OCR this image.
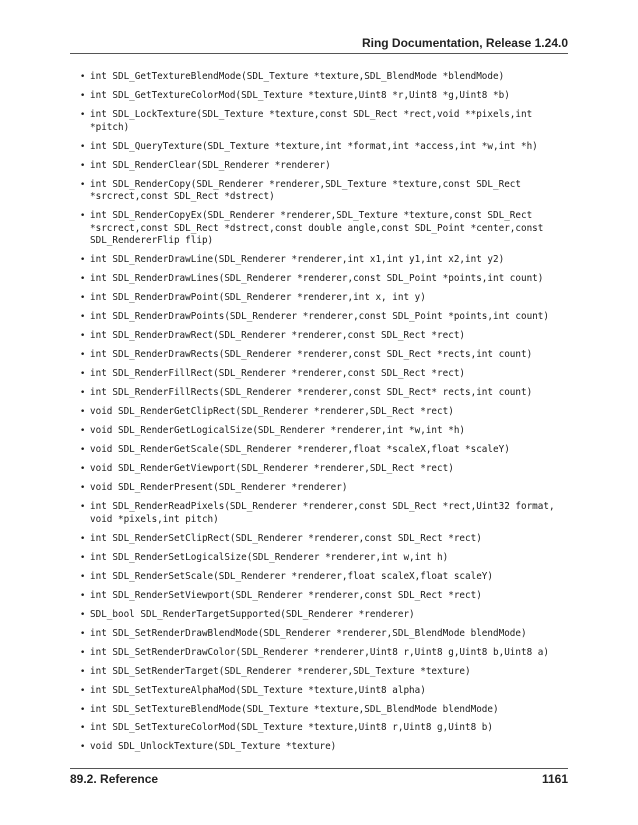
Ring Documentation, Release 1.24.0
• int SDL_GetTextureBlendMode(SDL_Texture *texture,SDL_BlendMode *blendMode)
• int SDL_GetTextureColorMod(SDL_Texture *texture,Uint8 *r,Uint8 *g,Uint8 *b)
• int SDL_LockTexture(SDL_Texture *texture,const SDL_Rect *rect,void **pixels,int
*pitch)
• int SDL_QueryTexture(SDL_Texture *texture,int *format,int *access,int *w,int *h)
• int SDL_RenderClear(SDL_Renderer *renderer)
• int SDL_RenderCopy(SDL_Renderer *renderer,SDL_Texture *texture,const SDL_Rect
*srcrect,const SDL_Rect *dstrect)
• int SDL_RenderCopyEx(SDL_Renderer *renderer,SDL_Texture *texture,const SDL_Rect
*srcrect,const SDL_Rect *dstrect,const double angle,const SDL_Point *center,const
SDL_RendererFlip flip)
• int SDL_RenderDrawLine(SDL_Renderer *renderer,int x1,int y1,int x2,int y2)
• int SDL_RenderDrawLines(SDL_Renderer *renderer,const SDL_Point *points,int count)
• int SDL_RenderDrawPoint(SDL_Renderer *renderer,int x, int y)
• int SDL_RenderDrawPoints(SDL_Renderer *renderer,const SDL_Point *points,int count)
• int SDL_RenderDrawRect(SDL_Renderer *renderer,const SDL_Rect *rect)
• int SDL_RenderDrawRects(SDL_Renderer *renderer,const SDL_Rect *rects,int count)
• int SDL_RenderFillRect(SDL_Renderer *renderer,const SDL_Rect *rect)
• int SDL_RenderFillRects(SDL_Renderer *renderer,const SDL_Rect* rects,int count)
• void SDL_RenderGetClipRect(SDL_Renderer *renderer,SDL_Rect *rect)
• void SDL_RenderGetLogicalSize(SDL_Renderer *renderer,int *w,int *h)
• void SDL_RenderGetScale(SDL_Renderer *renderer,float *scaleX,float *scaleY)
• void SDL_RenderGetViewport(SDL_Renderer *renderer,SDL_Rect *rect)
• void SDL_RenderPresent(SDL_Renderer *renderer)
• int SDL_RenderReadPixels(SDL_Renderer *renderer,const SDL_Rect *rect,Uint32 format,
void *pixels,int pitch)
• int SDL_RenderSetClipRect(SDL_Renderer *renderer,const SDL_Rect *rect)
• int SDL_RenderSetLogicalSize(SDL_Renderer *renderer,int w,int h)
• int SDL_RenderSetScale(SDL_Renderer *renderer,float scaleX,float scaleY)
• int SDL_RenderSetViewport(SDL_Renderer *renderer,const SDL_Rect *rect)
• SDL_bool SDL_RenderTargetSupported(SDL_Renderer *renderer)
• int SDL_SetRenderDrawBlendMode(SDL_Renderer *renderer,SDL_BlendMode blendMode)
• int SDL_SetRenderDrawColor(SDL_Renderer *renderer,Uint8 r,Uint8 g,Uint8 b,Uint8 a)
• int SDL_SetRenderTarget(SDL_Renderer *renderer,SDL_Texture *texture)
• int SDL_SetTextureAlphaMod(SDL_Texture *texture,Uint8 alpha)
• int SDL_SetTextureBlendMode(SDL_Texture *texture,SDL_BlendMode blendMode)
• int SDL_SetTextureColorMod(SDL_Texture *texture,Uint8 r,Uint8 g,Uint8 b)
• void SDL_UnlockTexture(SDL_Texture *texture)
89.2. Reference	1161
